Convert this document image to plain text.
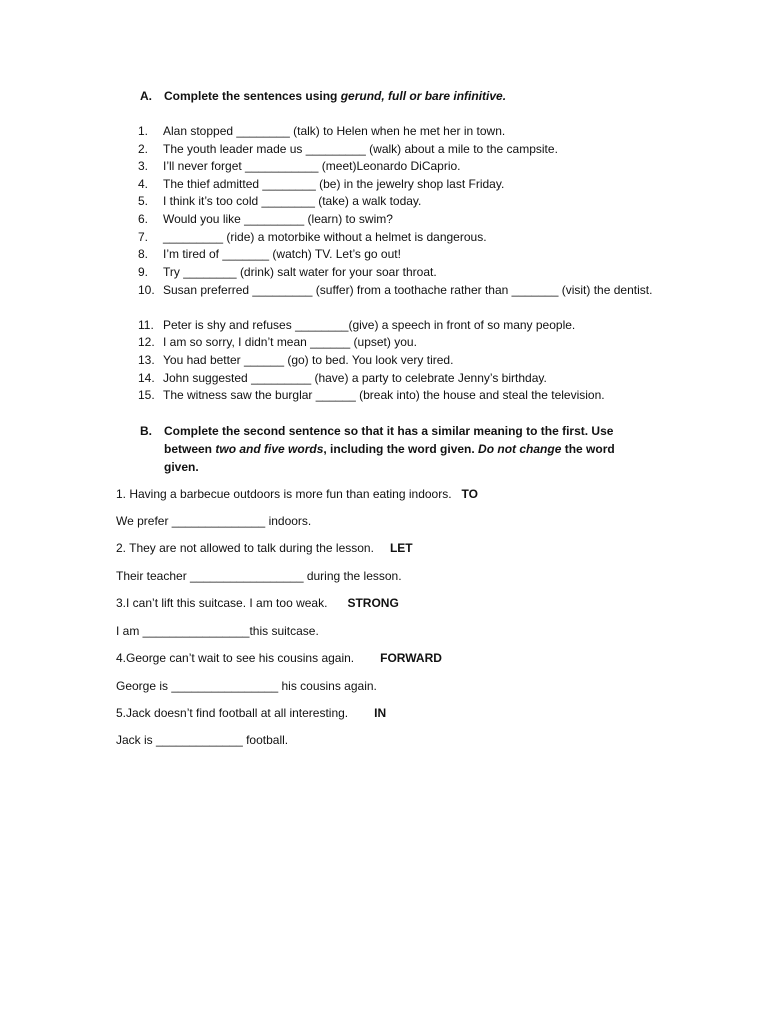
A. Complete the sentences using gerund, full or bare infinitive.
1.	Alan stopped ________ (talk) to Helen when he met her in town.
2.	The youth leader made us _________ (walk) about a mile to the campsite.
3.	I’ll never forget ___________ (meet)Leonardo DiCaprio.
4.	The thief admitted ________ (be) in the jewelry shop last Friday.
5.	I think it’s too cold ________ (take) a walk today.
6.	Would you like _________ (learn) to swim?
7.	_________ (ride) a motorbike without a helmet is dangerous.
8.	I’m tired of _______ (watch) TV. Let’s go out!
9.	Try ________ (drink) salt water for your soar throat.
10. Susan preferred _________ (suffer) from a toothache rather than _______ (visit) the dentist.
11. Peter is shy and refuses ________(give) a speech in front of so many people.
12. I am so sorry, I didn’t mean ______ (upset) you.
13. You had better ______ (go) to bed. You look very tired.
14. John suggested _________ (have) a party to celebrate Jenny’s birthday.
15. The witness saw the burglar ______ (break into) the house and steal the television.
B. Complete the second sentence so that it has a similar meaning to the first. Use between two and five words, including the word given. Do not change the word given.
1. Having a barbecue outdoors is more fun than eating indoors. TO
We prefer ______________ indoors.
2. They are not allowed to talk during the lesson. LET
Their teacher _________________ during the lesson.
3.I can’t lift this suitcase. I am too weak. STRONG
I am ________________this suitcase.
4.George can’t wait to see his cousins again. FORWARD
George is ________________ his cousins again.
5.Jack doesn’t find football at all interesting. IN
Jack is _____________ football.
